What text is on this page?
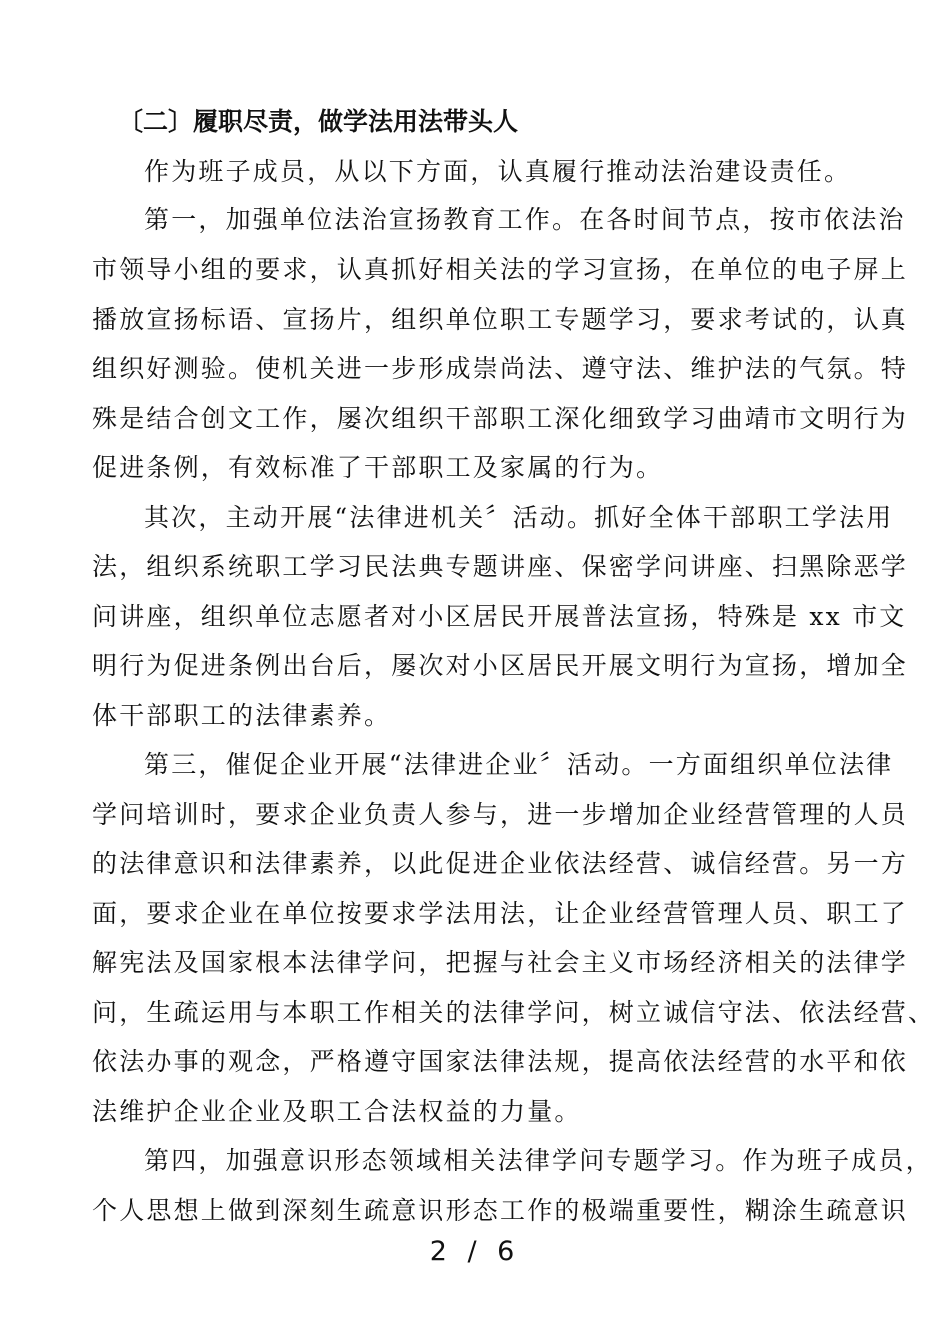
〔二〕履职尽责，做学法用法带头人
作为班子成员，从以下方面，认真履行推动法治建设责任。
第一，加强单位法治宣扬教育工作。在各时间节点，按市依法治
市领导小组的要求，认真抓好相关法的学习宣扬，在单位的电子屏上
播放宣扬标语、宣扬片，组织单位职工专题学习，要求考试的，认真
组织好测验。使机关进一步形成崇尚法、遵守法、维护法的气氛。特
殊是结合创文工作，屡次组织干部职工深化细致学习曲靖市文明行为
促进条例，有效标准了干部职工及家属的行为。
其次，主动开展“法律进机关〞活动。抓好全体干部职工学法用
法，组织系统职工学习民法典专题讲座、保密学问讲座、扫黑除恶学
问讲座，组织单位志愿者对小区居民开展普法宣扬，特殊是 xx 市文
明行为促进条例出台后，屡次对小区居民开展文明行为宣扬，增加全
体干部职工的法律素养。
第三，催促企业开展“法律进企业〞活动。一方面组织单位法律
学问培训时，要求企业负责人参与，进一步增加企业经营管理的人员
的法律意识和法律素养，以此促进企业依法经营、诚信经营。另一方
面，要求企业在单位按要求学法用法，让企业经营管理人员、职工了
解宪法及国家根本法律学问，把握与社会主义市场经济相关的法律学
问，生疏运用与本职工作相关的法律学问，树立诚信守法、依法经营、
依法办事的观念，严格遵守国家法律法规，提高依法经营的水平和依
法维护企业企业及职工合法权益的力量。
第四，加强意识形态领域相关法律学问专题学习。作为班子成员，
个人思想上做到深刻生疏意识形态工作的极端重要性，糊涂生疏意识
2 / 6
